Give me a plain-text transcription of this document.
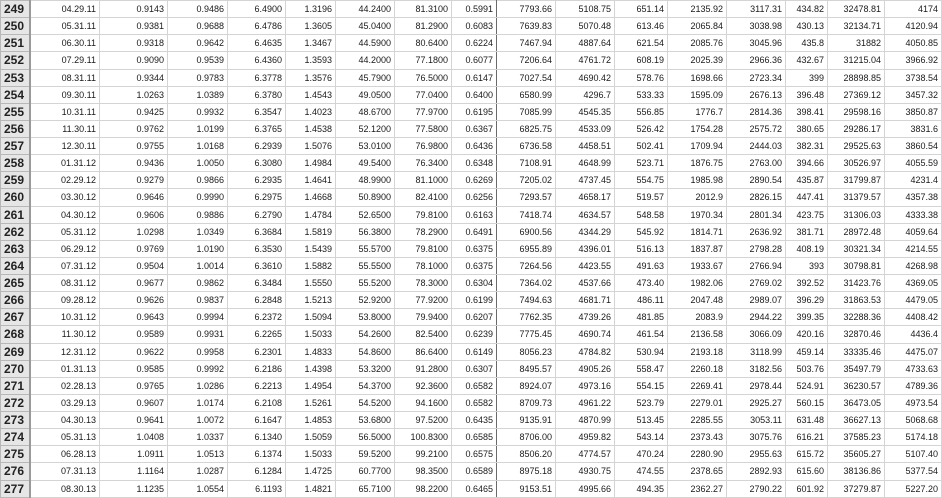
249	04.29.11	0.9143	0.9486	6.4900	1.3196	44.2400	81.3100	0.5991	7793.66	5108.75	651.14	2135.92	3117.31	434.82	32478.81	4174
250	05.31.11	0.9381	0.9688	6.4786	1.3605	45.0400	81.2900	0.6083	7639.83	5070.48	613.46	2065.84	3038.98	430.13	32134.71	4120.94
251	06.30.11	0.9318	0.9642	6.4635	1.3467	44.5900	80.6400	0.6224	7467.94	4887.64	621.54	2085.76	3045.96	435.8	31882	4050.85
252	07.29.11	0.9090	0.9539	6.4360	1.3593	44.2000	77.1800	0.6077	7206.64	4761.72	608.19	2025.39	2966.36	432.67	31215.04	3966.92
253	08.31.11	0.9344	0.9783	6.3778	1.3576	45.7900	76.5000	0.6147	7027.54	4690.42	578.76	1698.66	2723.34	399	28898.85	3738.54
254	09.30.11	1.0263	1.0389	6.3780	1.4543	49.0500	77.0400	0.6400	6580.99	4296.7	533.33	1595.09	2676.13	396.48	27369.12	3457.32
255	10.31.11	0.9425	0.9932	6.3547	1.4023	48.6700	77.9700	0.6195	7085.99	4545.35	556.85	1776.7	2814.36	398.41	29598.16	3850.87
256	11.30.11	0.9762	1.0199	6.3765	1.4538	52.1200	77.5800	0.6367	6825.75	4533.09	526.42	1754.28	2575.72	380.65	29286.17	3831.6
257	12.30.11	0.9755	1.0168	6.2939	1.5076	53.0100	76.9800	0.6436	6736.58	4458.51	502.41	1709.94	2444.03	382.31	29525.63	3860.54
258	01.31.12	0.9436	1.0050	6.3080	1.4984	49.5400	76.3400	0.6348	7108.91	4648.99	523.71	1876.75	2763.00	394.66	30526.97	4055.59
259	02.29.12	0.9279	0.9866	6.2935	1.4641	48.9900	81.1000	0.6269	7205.02	4737.45	554.75	1985.98	2890.54	435.87	31799.87	4231.4
260	03.30.12	0.9646	0.9990	6.2975	1.4668	50.8900	82.4100	0.6256	7293.57	4658.17	519.57	2012.9	2826.15	447.41	31379.57	4357.38
261	04.30.12	0.9606	0.9886	6.2790	1.4784	52.6500	79.8100	0.6163	7418.74	4634.57	548.58	1970.34	2801.34	423.75	31306.03	4333.38
262	05.31.12	1.0298	1.0349	6.3684	1.5819	56.3800	78.2900	0.6491	6900.56	4344.29	545.92	1814.71	2636.92	381.71	28972.48	4059.64
263	06.29.12	0.9769	1.0190	6.3530	1.5439	55.5700	79.8100	0.6375	6955.89	4396.01	516.13	1837.87	2798.28	408.19	30321.34	4214.55
264	07.31.12	0.9504	1.0014	6.3610	1.5882	55.5500	78.1000	0.6375	7264.56	4423.55	491.63	1933.67	2766.94	393	30798.81	4268.98
265	08.31.12	0.9677	0.9862	6.3484	1.5550	55.5200	78.3000	0.6304	7364.02	4537.66	473.40	1982.06	2769.02	392.52	31423.76	4369.05
266	09.28.12	0.9626	0.9837	6.2848	1.5213	52.9200	77.9200	0.6199	7494.63	4681.71	486.11	2047.48	2989.07	396.29	31863.53	4479.05
267	10.31.12	0.9643	0.9994	6.2372	1.5094	53.8000	79.9400	0.6207	7762.35	4739.26	481.85	2083.9	2944.22	399.35	32288.36	4408.42
268	11.30.12	0.9589	0.9931	6.2265	1.5033	54.2600	82.5400	0.6239	7775.45	4690.74	461.54	2136.58	3066.09	420.16	32870.46	4436.4
269	12.31.12	0.9622	0.9958	6.2301	1.4833	54.8600	86.6400	0.6149	8056.23	4784.82	530.94	2193.18	3118.99	459.14	33335.46	4475.07
270	01.31.13	0.9585	0.9992	6.2186	1.4398	53.3200	91.2800	0.6307	8495.57	4905.26	558.47	2260.18	3182.56	503.76	35497.79	4733.63
271	02.28.13	0.9765	1.0286	6.2213	1.4954	54.3700	92.3600	0.6582	8924.07	4973.16	554.15	2269.41	2978.44	524.91	36230.57	4789.36
272	03.29.13	0.9607	1.0174	6.2108	1.5261	54.5200	94.1600	0.6582	8709.73	4961.22	523.79	2279.01	2925.27	560.15	36473.05	4973.54
273	04.30.13	0.9641	1.0072	6.1647	1.4853	53.6800	97.5200	0.6435	9135.91	4870.99	513.45	2285.55	3053.11	631.48	36627.13	5068.68
274	05.31.13	1.0408	1.0337	6.1340	1.5059	56.5000	100.8300	0.6585	8706.00	4959.82	543.14	2373.43	3075.76	616.21	37585.23	5174.18
275	06.28.13	1.0911	1.0513	6.1374	1.5033	59.5200	99.2100	0.6575	8506.20	4774.57	470.24	2280.90	2955.63	615.72	35605.27	5107.40
276	07.31.13	1.1164	1.0287	6.1284	1.4725	60.7700	98.3500	0.6589	8975.18	4930.75	474.55	2378.65	2892.93	615.60	38136.86	5377.54
277	08.30.13	1.1235	1.0554	6.1193	1.4821	65.7100	98.2200	0.6465	9153.51	4995.66	494.35	2362.27	2790.22	601.92	37279.87	5227.20
